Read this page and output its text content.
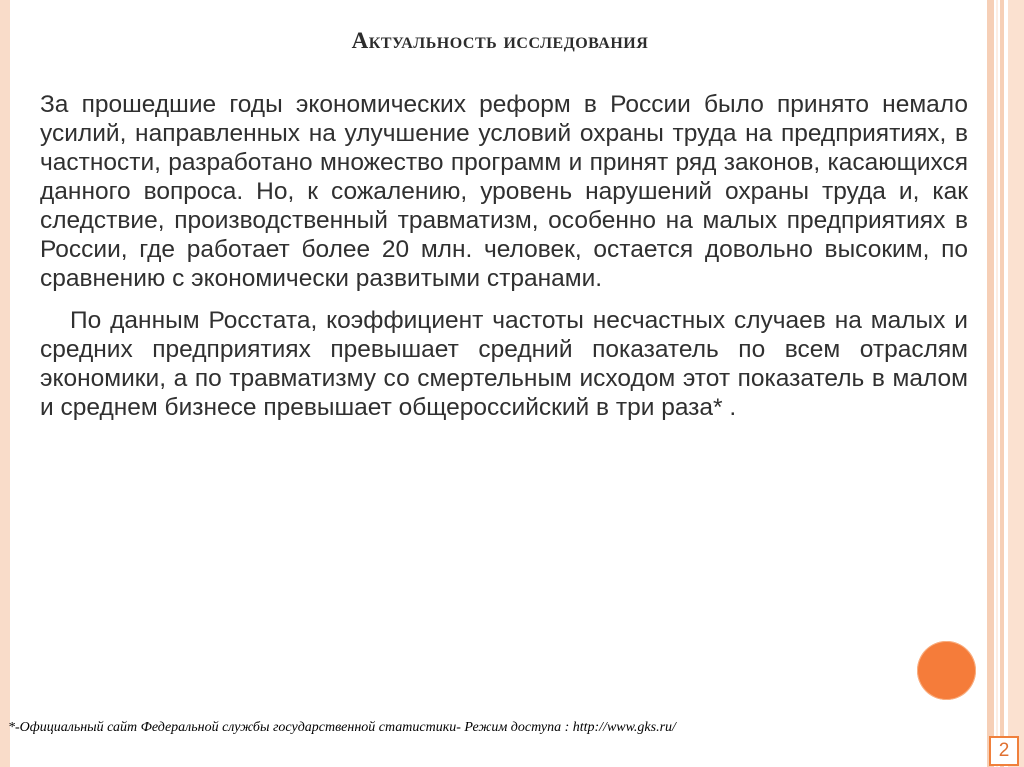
Актуальность исследования

За прошедшие годы экономических реформ в России было принято немало усилий, направленных на улучшение условий охраны труда на предприятиях, в частности, разработано множество программ и принят ряд законов, касающихся данного вопроса. Но, к сожалению, уровень нарушений охраны труда и, как следствие, производственный травматизм, особенно на малых предприятиях в России, где работает более 20 млн. человек, остается довольно высоким, по сравнению с экономически развитыми странами.

По данным Росстата, коэффициент частоты несчастных случаев на малых и средних предприятиях превышает средний показатель по всем отраслям экономики, а по травматизму со смертельным исходом этот показатель в малом и среднем бизнесе превышает общероссийский в три раза* .

*-Официальный сайт Федеральной службы государственной статистики- Режим доступа : http://www.gks.ru/
2
